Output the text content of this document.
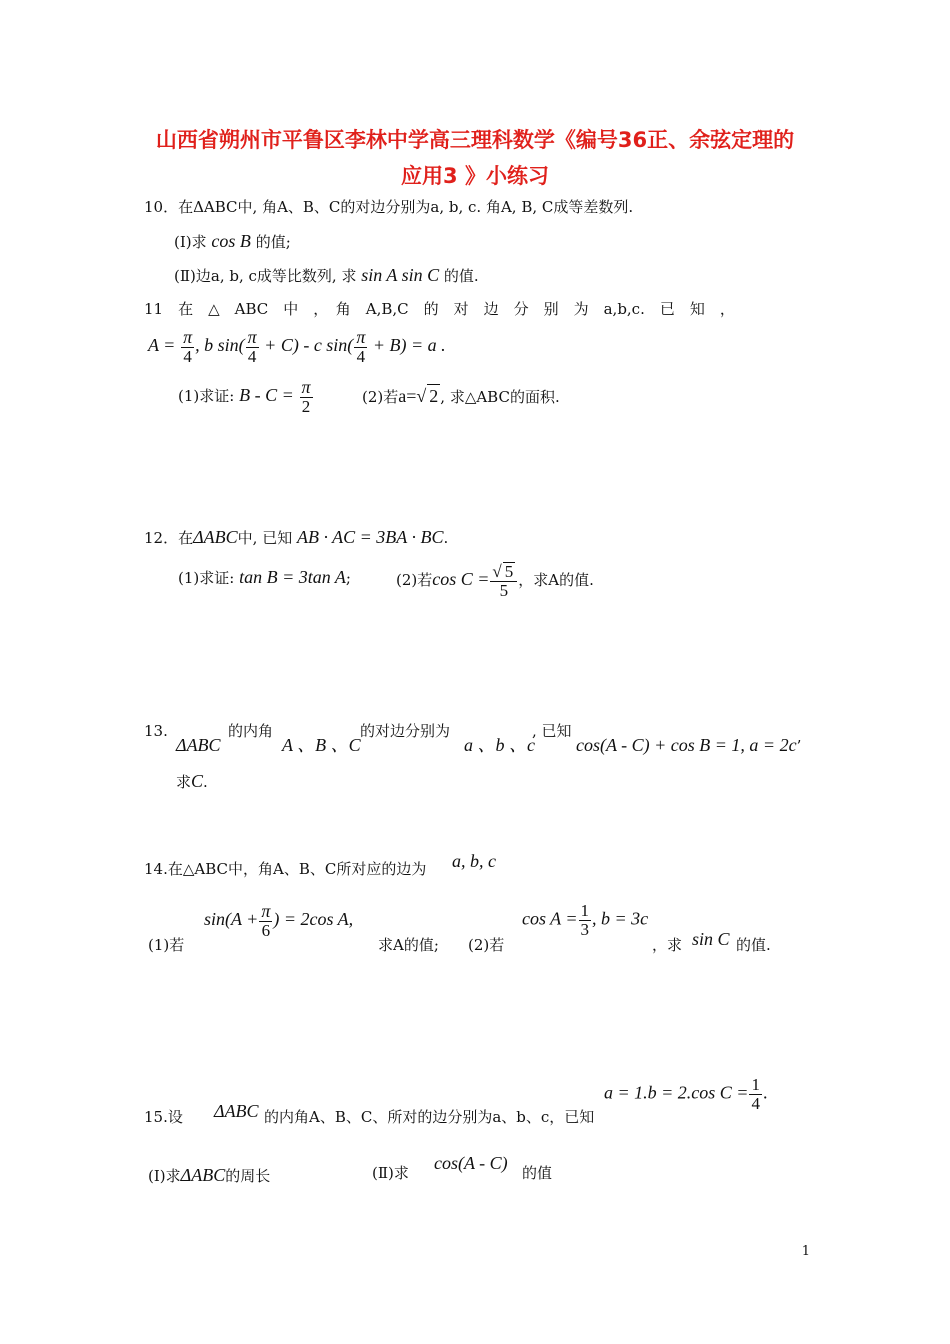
山西省朔州市平鲁区李林中学高三理科数学《编号36正、余弦定理的
应用3 》小练习
10．在ΔABC中, 角A、B、C的对边分别为a, b, c. 角A, B, C成等差数列.
(Ⅰ)求 cos B 的值;
(Ⅱ)边a, b, c成等比数列, 求 sin A sin C 的值.
11　在　△　ABC　中　，　角　A,B,C　的　对　边　分　别　为　a,b,c.　已　知　，
$A = \frac{\pi}{4}$ , b $\sin( \frac{\pi}{4} + C) - c$ $\sin( \frac{\pi}{4} + B) = a$ .
(1)求证: $B - C = \frac{\pi}{2}$	(2)若a=√ 2 , 求△ABC的面积.
12．在ΔABC中, 已知 AB · AC = 3BA · BC.
(1)求证: tan B = 3tan A;	(2)若$\cos C = \frac{√ 5}{5}$ ，求A的值.
13.
ΔABC
的内角
A 、B 、C
的对边分别为
a 、b 、c
, 已知
cos(A - C) + cos B = 1, a = 2c’
求C.
14.在△ABC中，角A、B、C所对应的边为 a, b, c
(1)若
$\sin(A + \frac{\pi}{6}$ ) = 2cos A,
求A的值; (2)若
$\cos A = \frac{1}{3}$ , b = 3c
，求 sin C 的值.
15.设 ΔABC 的内角A、B、C、所对的边分别为a、b、c，已知
a = 1.b = 2.cos $C = \frac{1}{4}$ .
(Ⅰ)求ΔABC的周长	(Ⅱ)求 cos(A - C) 的值
1
